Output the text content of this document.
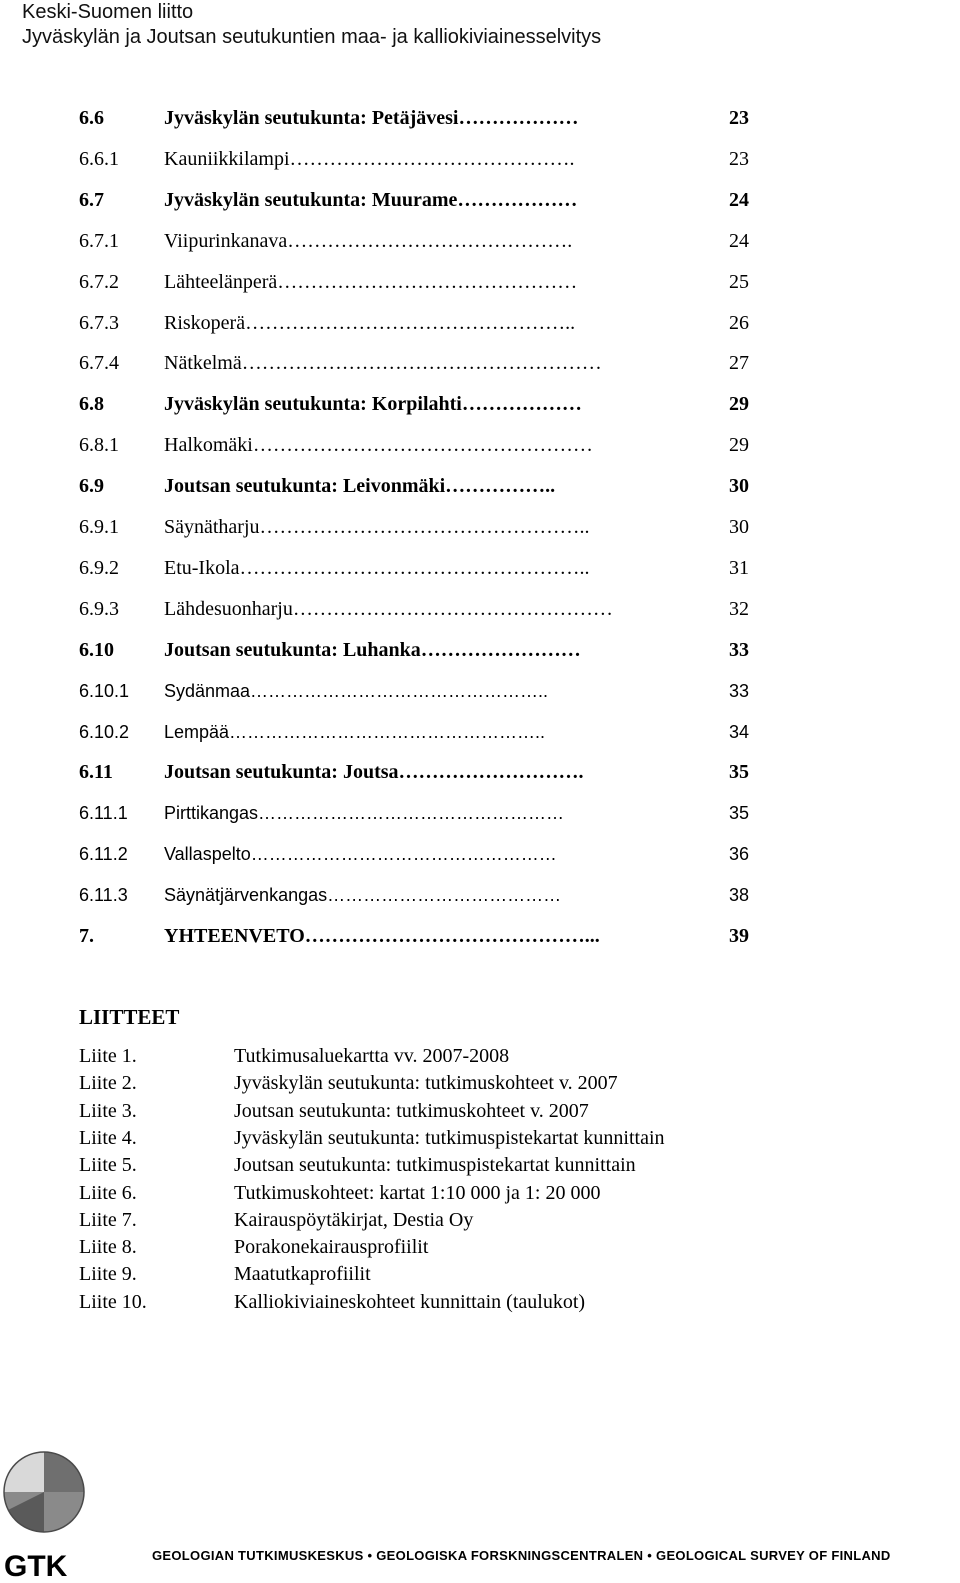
Keski-Suomen liitto
Jyväskylän ja Joutsan seutukuntien maa- ja kalliokiviainesselvitys
6.6	Jyväskylän seutukunta: Petäjävesi………………	23
6.6.1 Kauniikkilampi…………………………………….	23
6.7	Jyväskylän seutukunta: Muurame………………	24
6.7.1 Viipurinkanava…………………………………….	24
6.7.2 Lähteelänperä………………………………………	25
6.7.3 Riskoperä…………………………………………..	26
6.7.4 Nätkelmä………………………………………………	27
6.8	Jyväskylän seutukunta: Korpilahti………………	29
6.8.1 Halkomäki……………………………………………	29
6.9	Joutsan seutukunta: Leivonmäki……………..	30
6.9.1 Säynätharju…………………………………………..	30
6.9.2 Etu-Ikola……………………………………………..	31
6.9.3 Lähdesuonharju…………………………………………	32
6.10	Joutsan seutukunta: Luhanka……………………	33
6.10.1 Sydänmaa…………………………………………..	33
6.10.2 Lempää……………………………………………..	34
6.11	Joutsan seutukunta: Joutsa……………………….	35
6.11.1 Pirttikangas……………………………………………	35
6.11.2 Vallaspelto……………………………………………	36
6.11.3 Säynätjärvenkangas…………………………………	38
7.	YHTEENVETO……………………………………...	39
LIITTEET
Liite 1.	Tutkimusaluekartta vv. 2007-2008
Liite 2.	Jyväskylän seutukunta: tutkimuskohteet v. 2007
Liite 3.	Joutsan seutukunta: tutkimuskohteet v. 2007
Liite 4.	Jyväskylän seutukunta: tutkimuspistekartat kunnittain
Liite 5.	Joutsan seutukunta: tutkimuspistekartat kunnittain
Liite 6.	Tutkimuskohteet: kartat 1:10 000 ja 1: 20 000
Liite 7.	Kairauspöytäkirjat, Destia Oy
Liite 8.	Porakonekairausprofiilit
Liite 9.	Maatutkaprofiilit
Liite 10.	Kalliokiviaineskohteet kunnittain (taulukot)
GTK	GEOLOGIAN TUTKIMUSKESKUS • GEOLOGISKA FORSKNINGSCENTRALEN • GEOLOGICAL SURVEY OF FINLAND
